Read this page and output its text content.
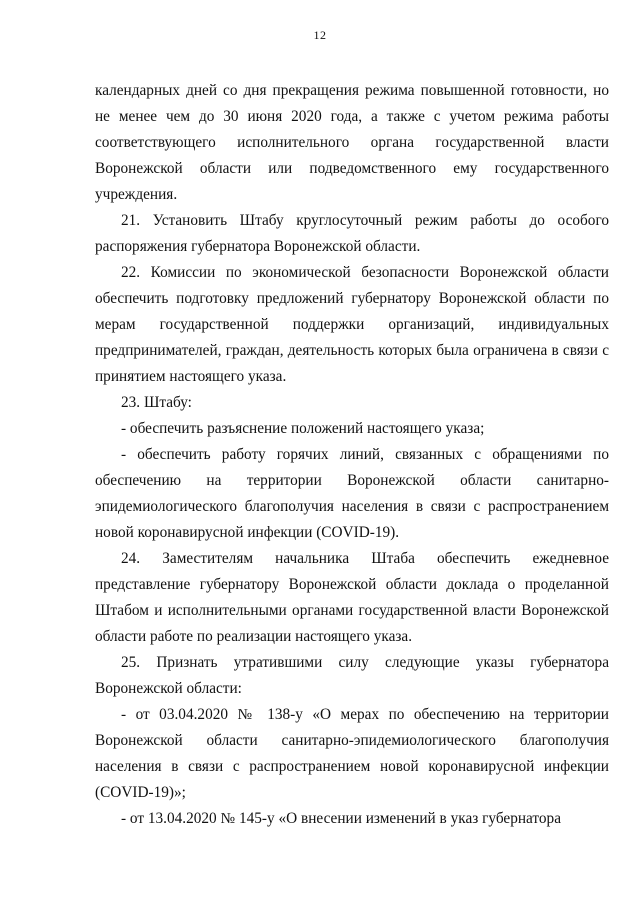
12

календарных дней со дня прекращения режима повышенной готовности, но не менее чем до 30 июня 2020 года, а также с учетом режима работы соответствующего исполнительного органа государственной власти Воронежской области или подведомственного ему государственного учреждения.

21. Установить Штабу круглосуточный режим работы до особого распоряжения губернатора Воронежской области.

22. Комиссии по экономической безопасности Воронежской области обеспечить подготовку предложений губернатору Воронежской области по мерам государственной поддержки организаций, индивидуальных предпринимателей, граждан, деятельность которых была ограничена в связи с принятием настоящего указа.

23. Штабу:

- обеспечить разъяснение положений настоящего указа;

- обеспечить работу горячих линий, связанных с обращениями по обеспечению на территории Воронежской области санитарно-эпидемиологического благополучия населения в связи с распространением новой коронавирусной инфекции (COVID-19).

24. Заместителям начальника Штаба обеспечить ежедневное представление губернатору Воронежской области доклада о проделанной Штабом и исполнительными органами государственной власти Воронежской области работе по реализации настоящего указа.

25. Признать утратившими силу следующие указы губернатора Воронежской области:

- от 03.04.2020 № 138-у «О мерах по обеспечению на территории Воронежской области санитарно-эпидемиологического благополучия населения в связи с распространением новой коронавирусной инфекции (COVID-19)»;

- от 13.04.2020 № 145-у «О внесении изменений в указ губернатора
